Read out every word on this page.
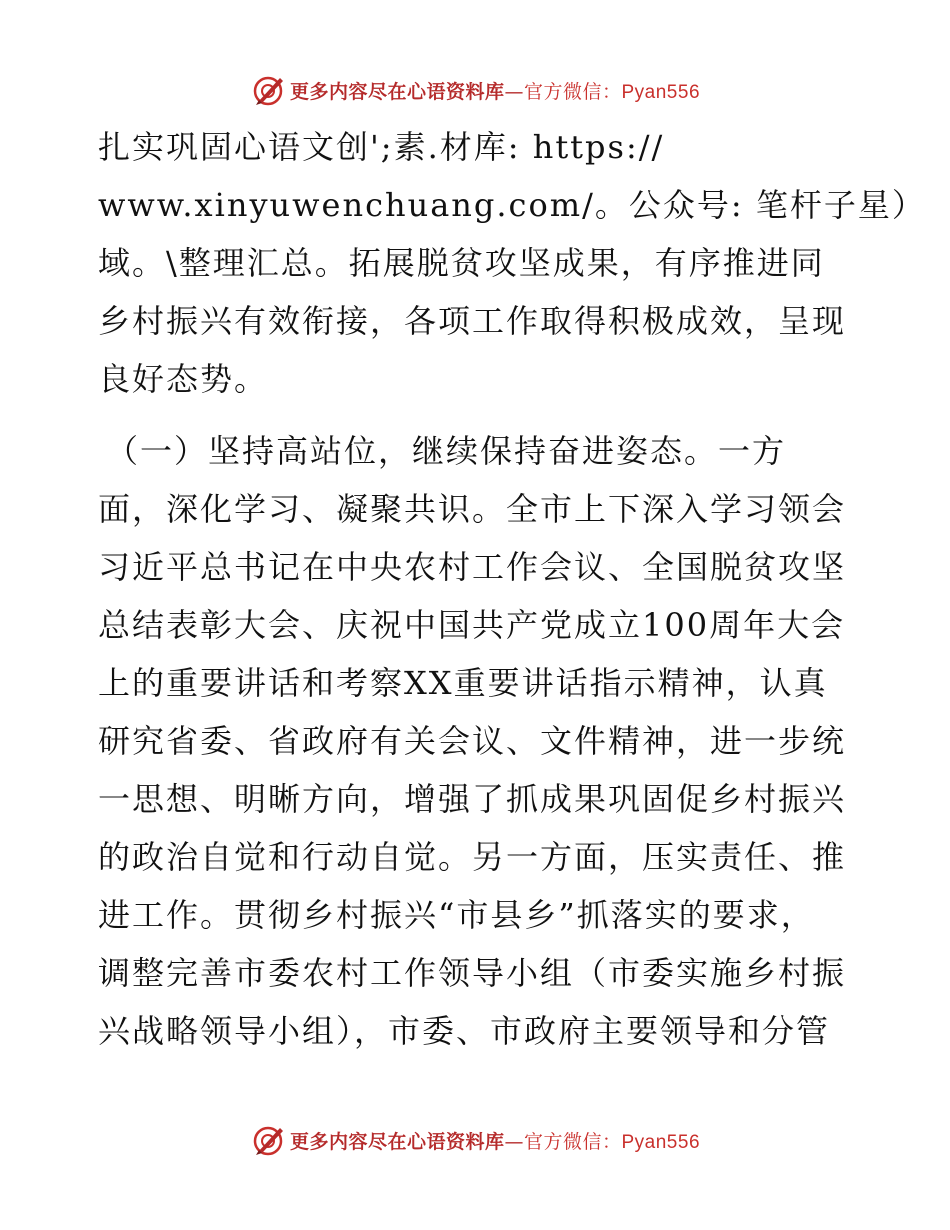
更多内容尽在心语资料库—官方微信：Pyan556
扎实巩固心语文创';素.材库: https://
www.xinyuwenchuang.com/。公众号: 笔杆子星）
域。\整理汇总。拓展脱贫攻坚成果，有序推进同
乡村振兴有效衔接，各项工作取得积极成效，呈现
良好态势。
（一）坚持高站位，继续保持奋进姿态。一方
面，深化学习、凝聚共识。全市上下深入学习领会
习近平总书记在中央农村工作会议、全国脱贫攻坚
总结表彰大会、庆祝中国共产党成立100周年大会
上的重要讲话和考察XX重要讲话指示精神，认真
研究省委、省政府有关会议、文件精神，进一步统
一思想、明晰方向，增强了抓成果巩固促乡村振兴
的政治自觉和行动自觉。另一方面，压实责任、推
进工作。贯彻乡村振兴“市县乡”抓落实的要求，
调整完善市委农村工作领导小组（市委实施乡村振
兴战略领导小组），市委、市政府主要领导和分管
更多内容尽在心语资料库—官方微信：Pyan556
